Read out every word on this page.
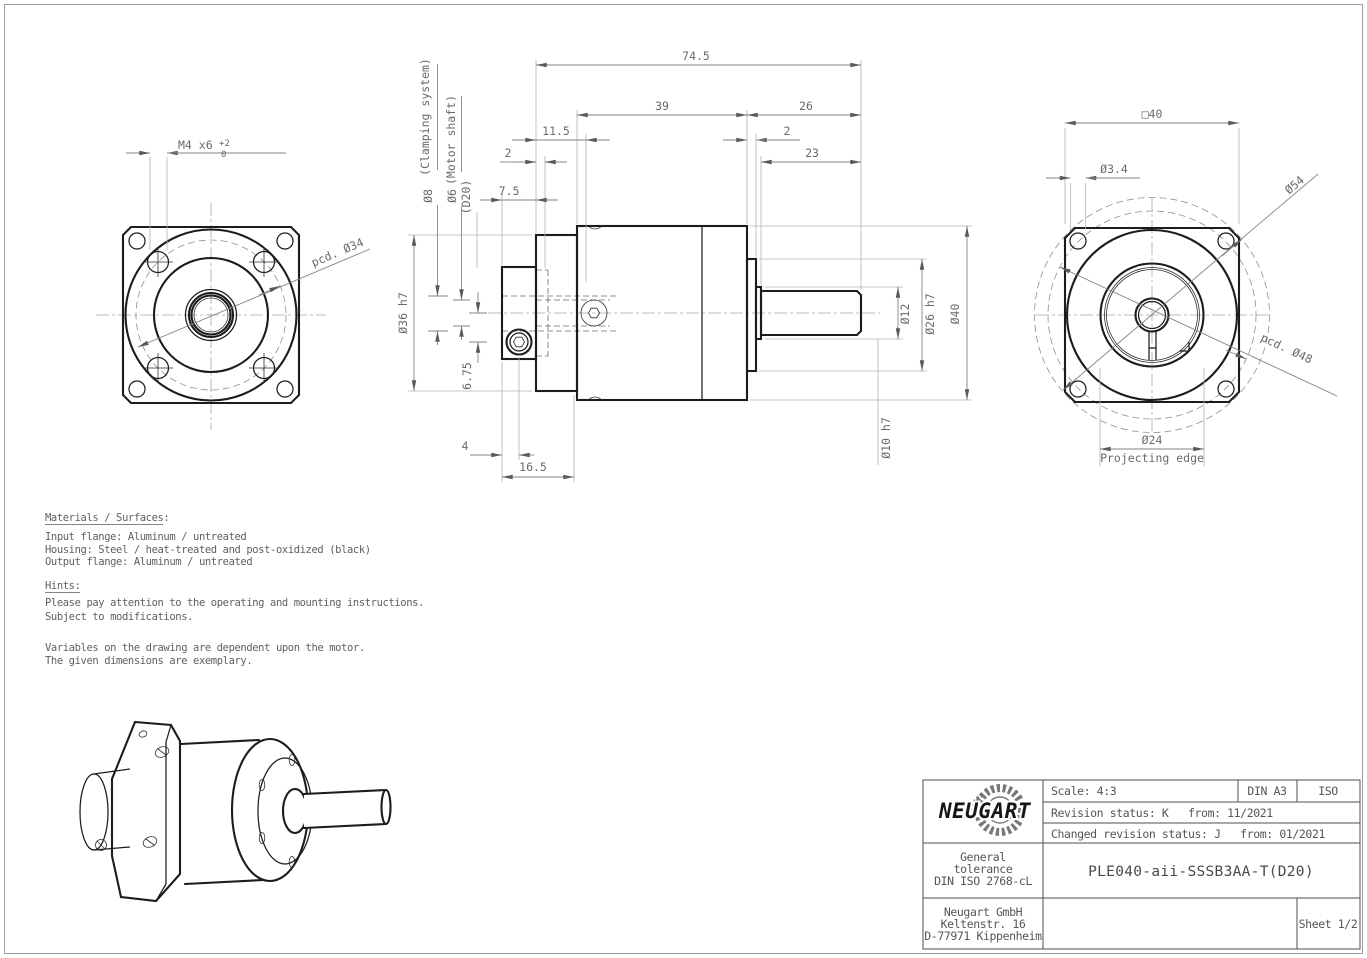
M4 x6 +2
0
pcd. Ø34
74.5
39	26
11.5	2
2	23
7.5
(Clamping system)
Ø8
(Motor shaft)
Ø6 (D20)
Ø36 h7
6.75
4
16.5
Ø12 Ø26 h7 Ø40
Ø10 h7
□40
Ø3.4
Ø54
pcd. Ø48
Ø24
Projecting edge
Materials / Surfaces:
Input flange: Aluminum / untreated
Housing: Steel / heat-treated and post-oxidized (black)
Output flange: Aluminum / untreated
Hints:
Please pay attention to the operating and mounting instructions.
Subject to modifications.
Variables on the drawing are dependent upon the motor.
The given dimensions are exemplary.
NEUGART
Scale: 4:3	DIN A3	ISO
Revision status: K   from: 11/2021
Changed revision status: J   from: 01/2021
General
tolerance
DIN ISO 2768-cL
PLE040-aii-SSSB3AA-T(D20)
Neugart GmbH
Keltenstr. 16
D-77971 Kippenheim
Sheet 1/2
